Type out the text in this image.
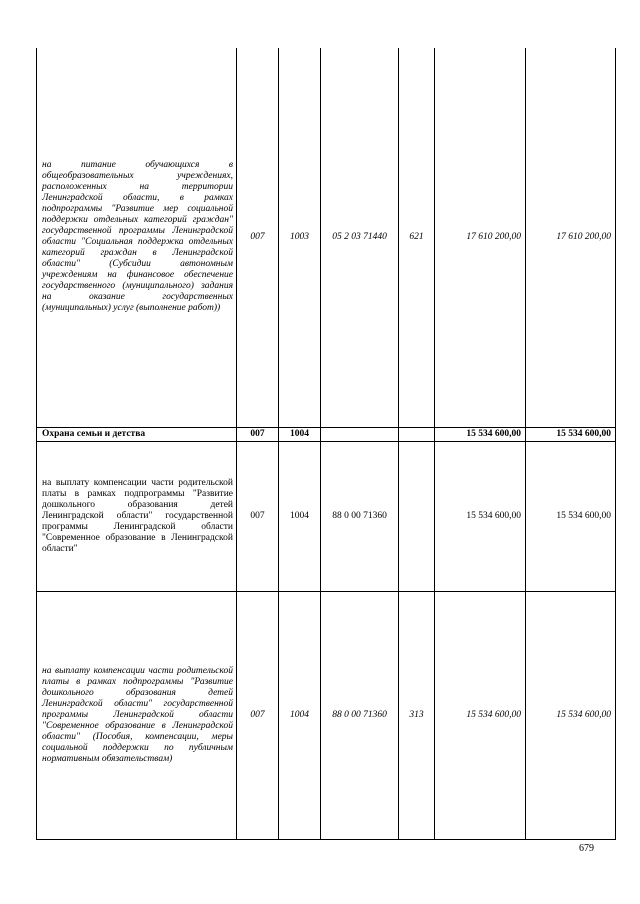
на питание обучающихся в общеобразовательных учреждениях, расположенных на территории Ленинградской области, в рамках подпрограммы "Развитие мер социальной поддержки отдельных категорий граждан" государственной программы Ленинградской области "Социальная поддержка отдельных категорий граждан в Ленинградской области" (Субсидии автономным учреждениям на финансовое обеспечение государственного (муниципального) задания на оказание государственных (муниципальных) услуг (выполнение работ))	007	1003	05 2 03 71440	621	17 610 200,00	17 610 200,00
Охрана семьи и детства	007	1004			15 534 600,00	15 534 600,00
на выплату компенсации части родительской платы в рамках подпрограммы "Развитие дошкольного образования детей Ленинградской области" государственной программы Ленинградской области "Современное образование в Ленинградской области"	007	1004	88 0 00 71360		15 534 600,00	15 534 600,00
на выплату компенсации части родительской платы в рамках подпрограммы "Развитие дошкольного образования детей Ленинградской области" государственной программы Ленинградской области "Современное образование в Ленинградской области" (Пособия, компенсации, меры социальной поддержки по публичным нормативным обязательствам)	007	1004	88 0 00 71360	313	15 534 600,00	15 534 600,00
679
